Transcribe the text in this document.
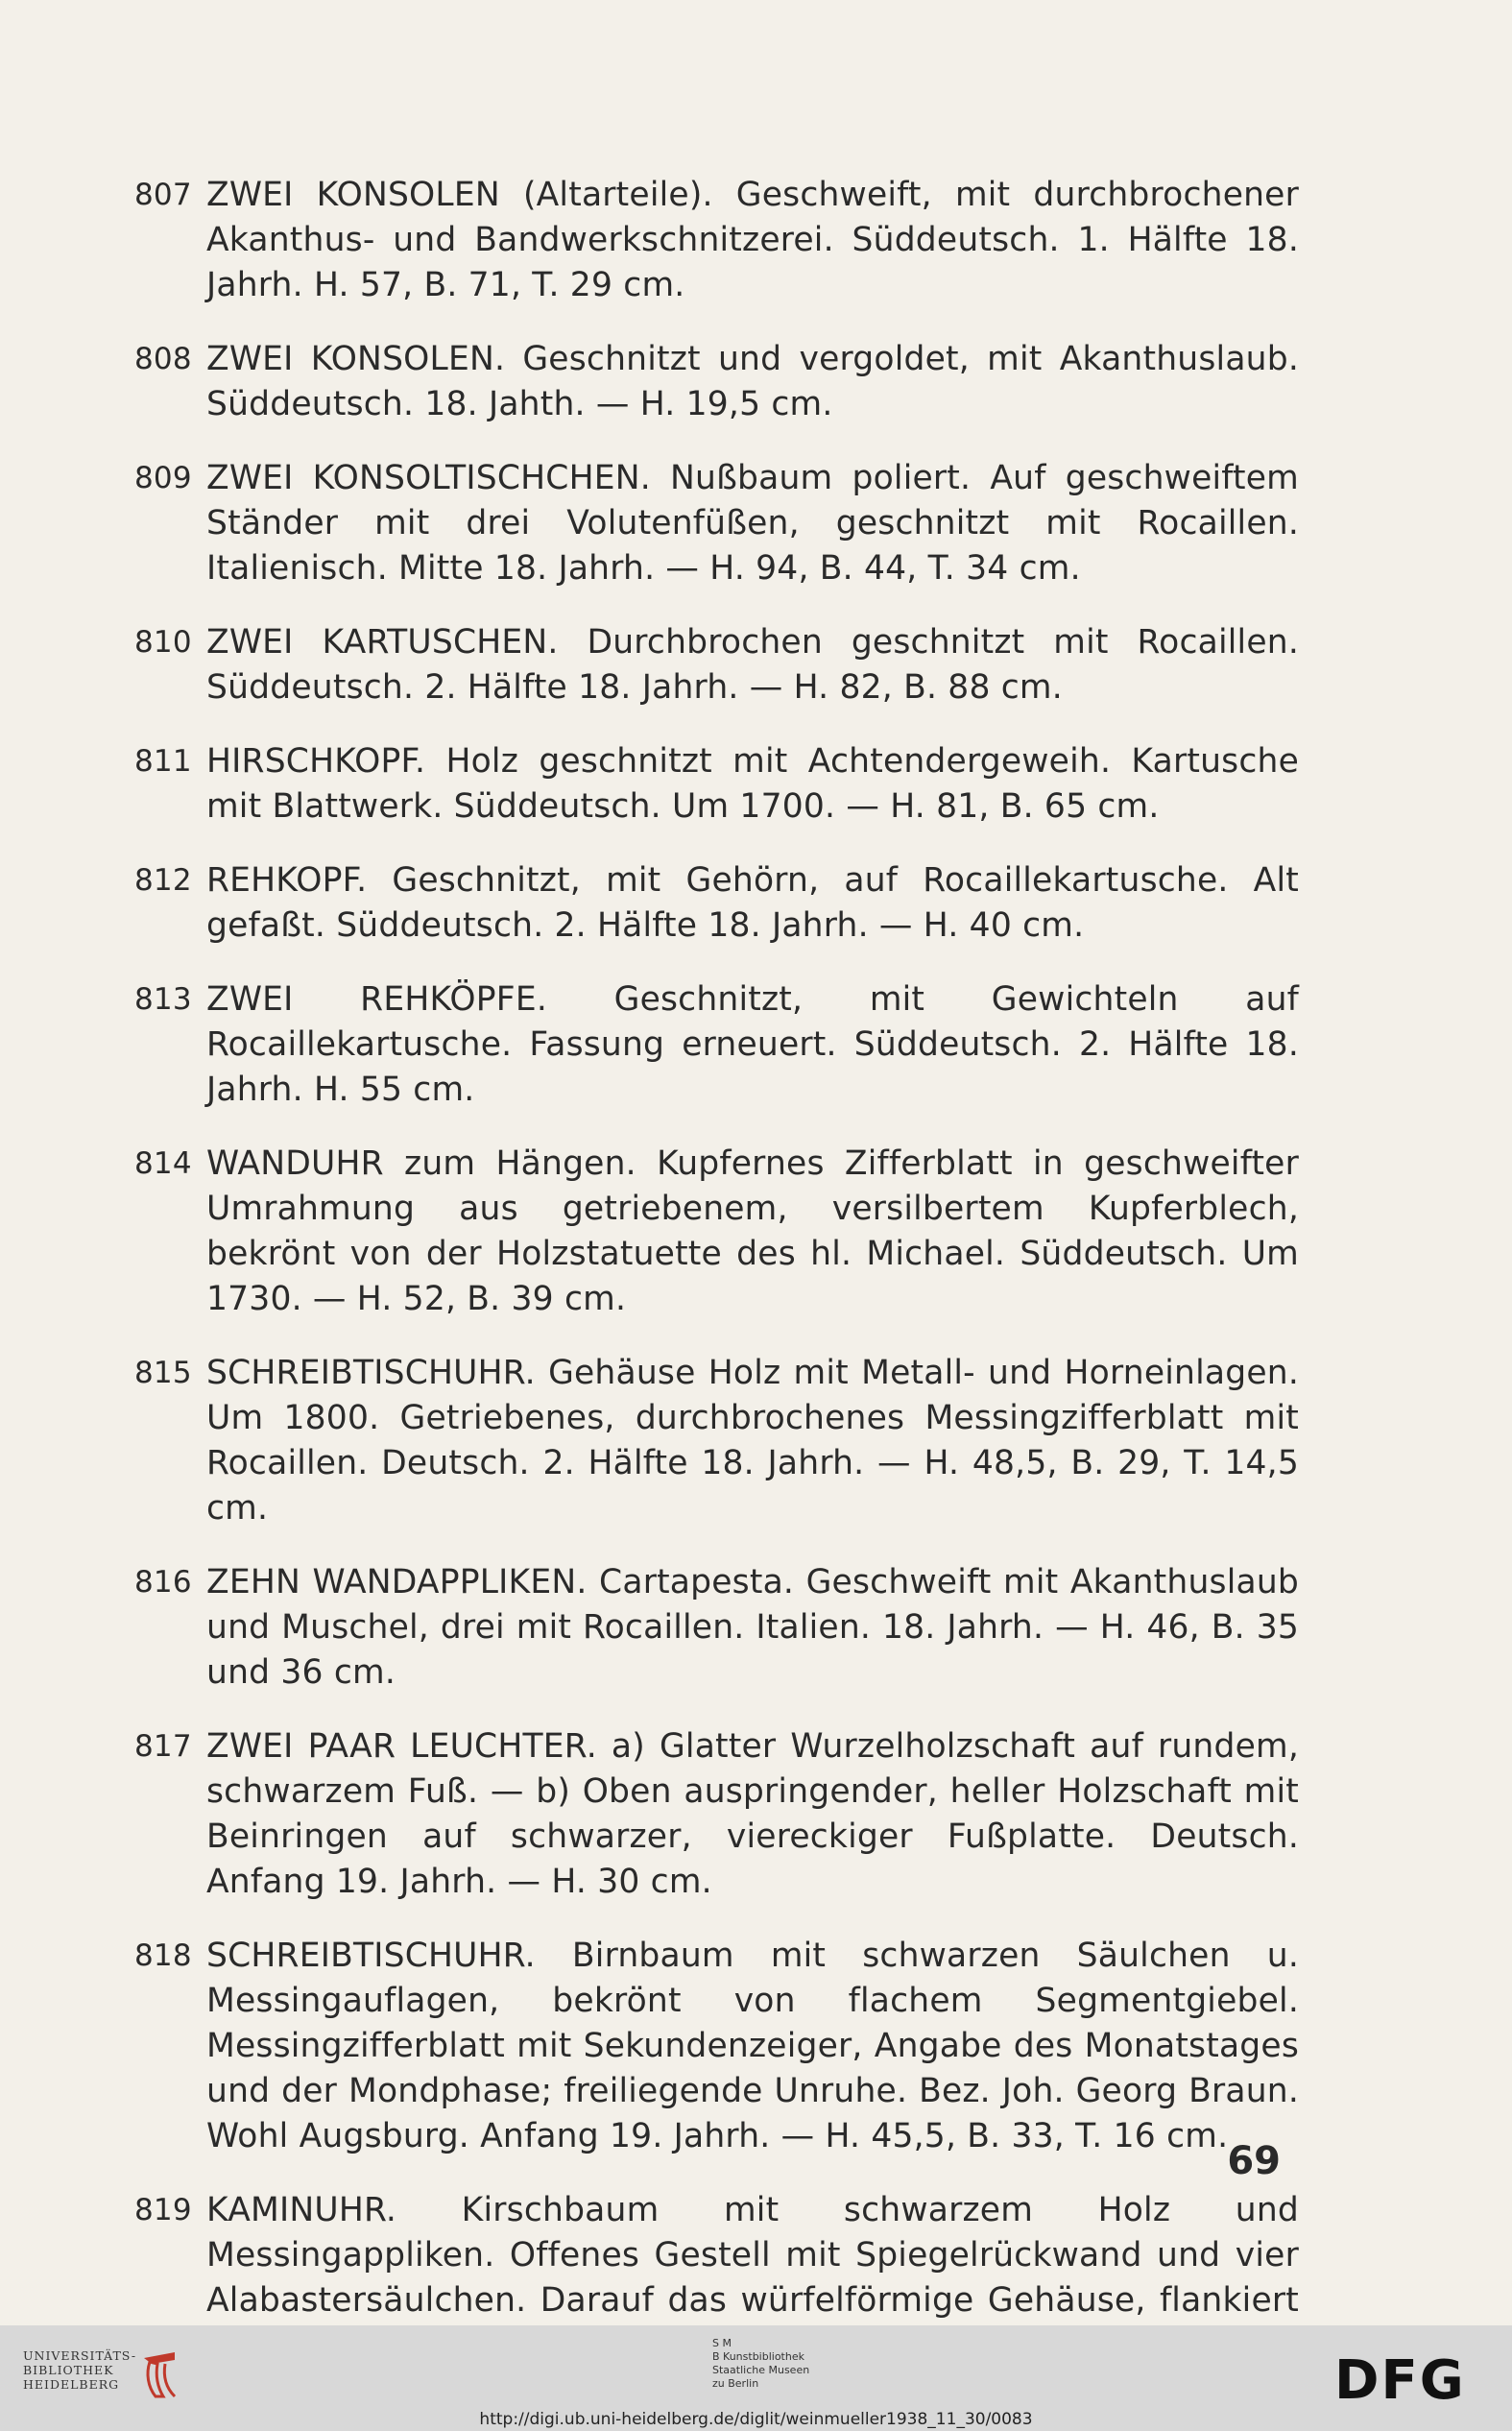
807 ZWEI KONSOLEN (Altarteile). Geschweift, mit durchbrochener Akanthus- und Bandwerkschnitzerei. Süddeutsch. 1. Hälfte 18. Jahrh. H. 57, B. 71, T. 29 cm.
808 ZWEI KONSOLEN. Geschnitzt und vergoldet, mit Akanthuslaub. Süddeutsch. 18. Jahth. — H. 19,5 cm.
809 ZWEI KONSOLTISCHCHEN. Nußbaum poliert. Auf geschweiftem Ständer mit drei Volutenfüßen, geschnitzt mit Rocaillen. Italienisch. Mitte 18. Jahrh. — H. 94, B. 44, T. 34 cm.
810 ZWEI KARTUSCHEN. Durchbrochen geschnitzt mit Rocaillen. Süddeutsch. 2. Hälfte 18. Jahrh. — H. 82, B. 88 cm.
811 HIRSCHKOPF. Holz geschnitzt mit Achtendergeweih. Kartusche mit Blattwerk. Süddeutsch. Um 1700. — H. 81, B. 65 cm.
812 REHKOPF. Geschnitzt, mit Gehörn, auf Rocaillekartusche. Alt gefaßt. Süddeutsch. 2. Hälfte 18. Jahrh. — H. 40 cm.
813 ZWEI REHKÖPFE. Geschnitzt, mit Gewichteln auf Rocaillekartusche. Fassung erneuert. Süddeutsch. 2. Hälfte 18. Jahrh. H. 55 cm.
814 WANDUHR zum Hängen. Kupfernes Zifferblatt in geschweifter Umrahmung aus getriebenem, versilbertem Kupferblech, bekrönt von der Holzstatuette des hl. Michael. Süddeutsch. Um 1730. — H. 52, B. 39 cm.
815 SCHREIBTISCHUHR. Gehäuse Holz mit Metall- und Horneinlagen. Um 1800. Getriebenes, durchbrochenes Messingzifferblatt mit Rocaillen. Deutsch. 2. Hälfte 18. Jahrh. — H. 48,5, B. 29, T. 14,5 cm.
816 ZEHN WANDAPPLIKEN. Cartapesta. Geschweift mit Akanthuslaub und Muschel, drei mit Rocaillen. Italien. 18. Jahrh. — H. 46, B. 35 und 36 cm.
817 ZWEI PAAR LEUCHTER. a) Glatter Wurzelholzschaft auf rundem, schwarzem Fuß. — b) Oben auspringender, heller Holzschaft mit Beinringen auf schwarzer, viereckiger Fußplatte. Deutsch. Anfang 19. Jahrh. — H. 30 cm.
818 SCHREIBTISCHUHR. Birnbaum mit schwarzen Säulchen u. Messingauflagen, bekrönt von flachem Segmentgiebel. Messingzifferblatt mit Sekundenzeiger, Angabe des Monatstages und der Mondphase; freiliegende Unruhe. Bez. Joh. Georg Braun. Wohl Augsburg. Anfang 19. Jahrh. — H. 45,5, B. 33, T. 16 cm.
819 KAMINUHR. Kirschbaum mit schwarzem Holz und Messingappliken. Offenes Gestell mit Spiegelrückwand und vier Alabastersäulchen. Darauf das würfelförmige Gehäuse, flankiert
69
UNIVERSITÄTS-
BIBLIOTHEK
HEIDELBERG
S M
B Kunstbibliothek
Staatliche Museen
zu Berlin	DFG
http://digi.ub.uni-heidelberg.de/diglit/weinmueller1938_11_30/0083
